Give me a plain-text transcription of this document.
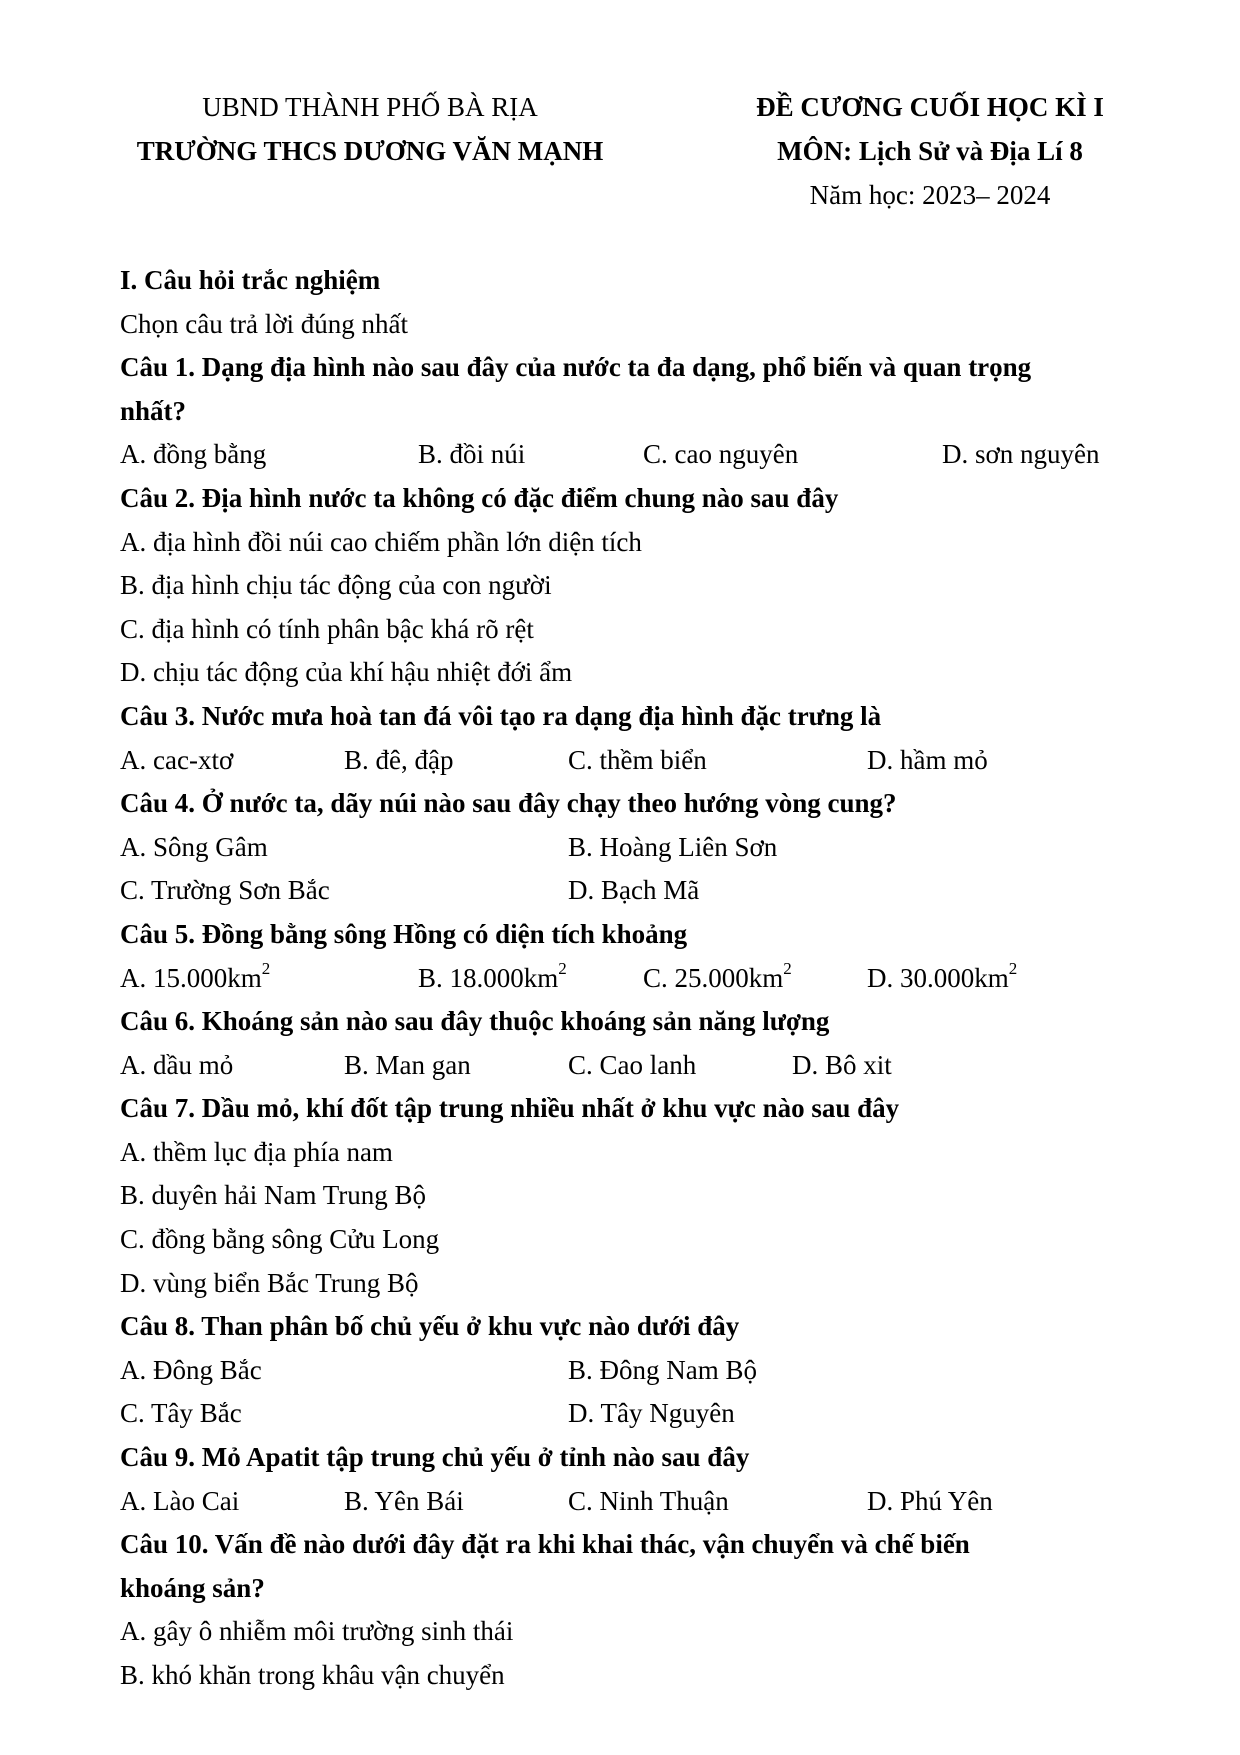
UBND THÀNH PHỐ BÀ RỊA
TRƯỜNG THCS DƯƠNG VĂN MẠNH
ĐỀ CƯƠNG CUỐI HỌC KÌ I
MÔN: Lịch Sử và Địa Lí 8
Năm học: 2023– 2024
I. Câu hỏi trắc nghiệm
Chọn câu trả lời đúng nhất
Câu 1. Dạng địa hình nào sau đây của nước ta đa dạng, phổ biến và quan trọng
nhất?
A. đồng bằng	B. đồi núi	C. cao nguyên	D. sơn nguyên
Câu 2. Địa hình nước ta không có đặc điểm chung nào sau đây
A. địa hình đồi núi cao chiếm phần lớn diện tích
B. địa hình chịu tác động của con người
C. địa hình có tính phân bậc khá rõ rệt
D. chịu tác động của khí hậu nhiệt đới ẩm
Câu 3. Nước mưa hoà tan đá vôi tạo ra dạng địa hình đặc trưng là
A. cac-xtơ	B. đê, đập	C. thềm biển	D. hầm mỏ
Câu 4. Ở nước ta, dãy núi nào sau đây chạy theo hướng vòng cung?
A. Sông Gâm	B. Hoàng Liên Sơn
C. Trường Sơn Bắc	D. Bạch Mã
Câu 5. Đồng bằng sông Hồng có diện tích khoảng
A. $15.000km^2$	B. $18.000km^2$	C. $25.000km^2$	D. $30.000km^2$
Câu 6. Khoáng sản nào sau đây thuộc khoáng sản năng lượng
A. dầu mỏ	B. Man gan	C. Cao lanh	D. Bô xit
Câu 7. Dầu mỏ, khí đốt tập trung nhiều nhất ở khu vực nào sau đây
A. thềm lục địa phía nam
B. duyên hải Nam Trung Bộ
C. đồng bằng sông Cửu Long
D. vùng biển Bắc Trung Bộ
Câu 8. Than phân bố chủ yếu ở khu vực nào dưới đây
A. Đông Bắc	B. Đông Nam Bộ
C. Tây Bắc	D. Tây Nguyên
Câu 9. Mỏ Apatit tập trung chủ yếu ở tỉnh nào sau đây
A. Lào Cai	B. Yên Bái	C. Ninh Thuận	D. Phú Yên
Câu 10. Vấn đề nào dưới đây đặt ra khi khai thác, vận chuyển và chế biến
khoáng sản?
A. gây ô nhiễm môi trường sinh thái
B. khó khăn trong khâu vận chuyển
